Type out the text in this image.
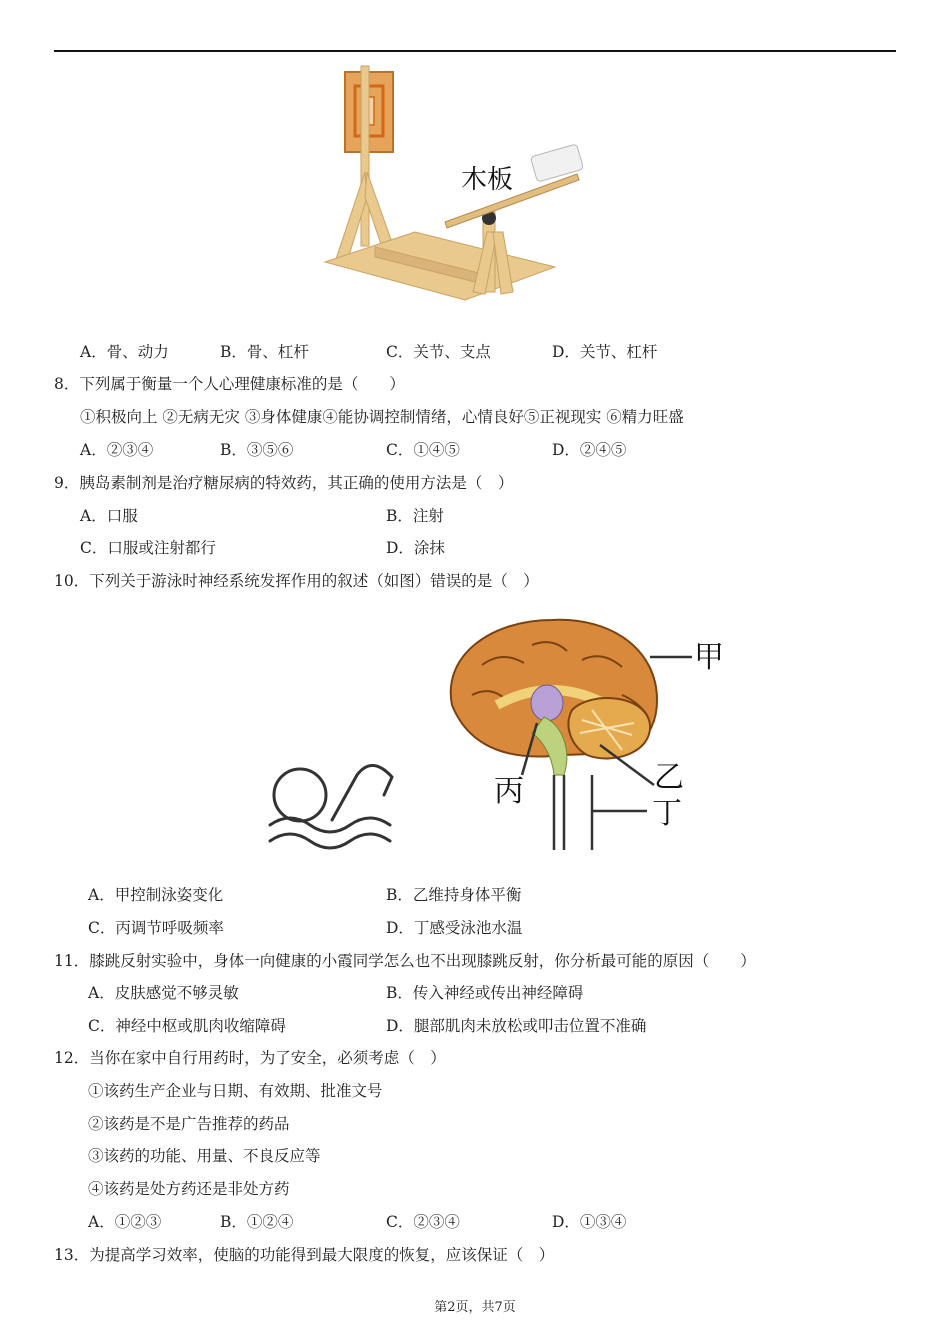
木板
A．骨、动力	B．骨、杠杆	C．关节、支点	D．关节、杠杆
8．下列属于衡量一个人心理健康标准的是（　　）
①积极向上 ②无病无灾 ③身体健康④能协调控制情绪，心情良好⑤正视现实 ⑥精力旺盛
A．②③④	B．③⑤⑥	C．①④⑤	D．②④⑤
9．胰岛素制剂是治疗糖尿病的特效药，其正确的使用方法是（　）
A．口服	B．注射
C．口服或注射都行	D．涂抹
10．下列关于游泳时神经系统发挥作用的叙述（如图）错误的是（　）
甲
乙
丙
丁
A．甲控制泳姿变化	B．乙维持身体平衡
C．丙调节呼吸频率	D．丁感受泳池水温
11．膝跳反射实验中，身体一向健康的小霞同学怎么也不出现膝跳反射，你分析最可能的原因（　　）
A．皮肤感觉不够灵敏	B．传入神经或传出神经障碍
C．神经中枢或肌肉收缩障碍	D．腿部肌肉未放松或叩击位置不准确
12．当你在家中自行用药时，为了安全，必须考虑（　）
①该药生产企业与日期、有效期、批准文号
②该药是不是广告推荐的药品
③该药的功能、用量、不良反应等
④该药是处方药还是非处方药
A．①②③	B．①②④	C．②③④	D．①③④
13．为提高学习效率，使脑的功能得到最大限度的恢复，应该保证（　）
第2页，共7页
